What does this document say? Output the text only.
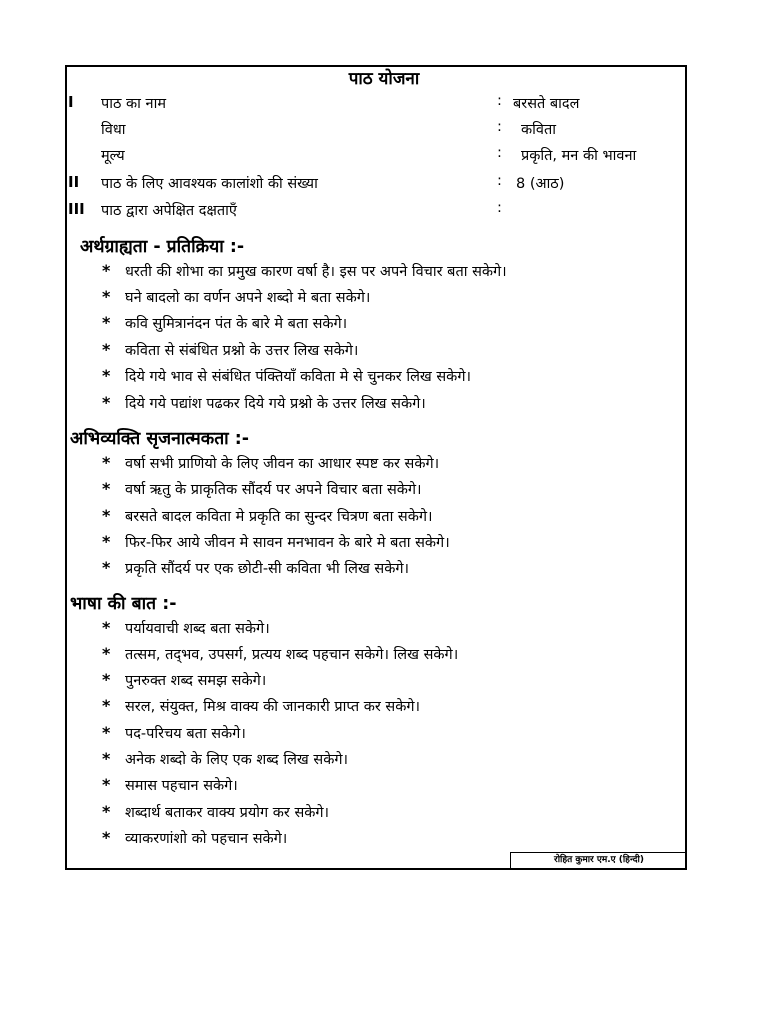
पाठ योजना
I पाठ का नाम	: बरसते बादल
विधा	: कविता
मूल्य	: प्रकृति, मन की भावना
II पाठ के लिए आवश्यक कालांशो की संख्या	: 8 (आठ)
III पाठ द्वारा अपेक्षित दक्षताएँ	:
अर्थग्राह्यता - प्रतिक्रिया :-
* धरती की शोभा का प्रमुख कारण वर्षा है। इस पर अपने विचार बता सकेगे।
* घने बादलो का वर्णन अपने शब्दो मे बता सकेगे।
* कवि सुमित्रानंदन पंत के बारे मे बता सकेगे।
* कविता से संबंधित प्रश्नो के उत्तर लिख सकेगे।
* दिये गये भाव से संबंधित पंक्तियाँ कविता मे से चुनकर लिख सकेगे।
* दिये गये पद्यांश पढकर दिये गये प्रश्नो के उत्तर लिख सकेगे।
अभिव्यक्ति सृजनात्मकता :-
* वर्षा सभी प्राणियो के लिए जीवन का आधार स्पष्ट कर सकेगे।
* वर्षा ऋतु के प्राकृतिक सौंदर्य पर अपने विचार बता सकेगे।
* बरसते बादल कविता मे प्रकृति का सुन्दर चित्रण बता सकेगे।
* फिर-फिर आये जीवन मे सावन मनभावन के बारे मे बता सकेगे।
* प्रकृति सौंदर्य पर एक छोटी-सी कविता भी लिख सकेगे।
भाषा की बात :-
* पर्यायवाची शब्द बता सकेगे।
* तत्सम, तद्‌भव, उपसर्ग, प्रत्यय शब्द पहचान सकेगे। लिख सकेगे।
* पुनरुक्त शब्द समझ सकेगे।
* सरल, संयुक्त, मिश्र वाक्य की जानकारी प्राप्त कर सकेगे।
* पद-परिचय बता सकेगे।
* अनेक शब्दो के लिए एक शब्द लिख सकेगे।
* समास पहचान सकेगे।
* शब्दार्थ बताकर वाक्य प्रयोग कर सकेगे।
* व्याकरणांशो को पहचान सकेगे।
रोहित कुमार एम.ए (हिन्दी)
